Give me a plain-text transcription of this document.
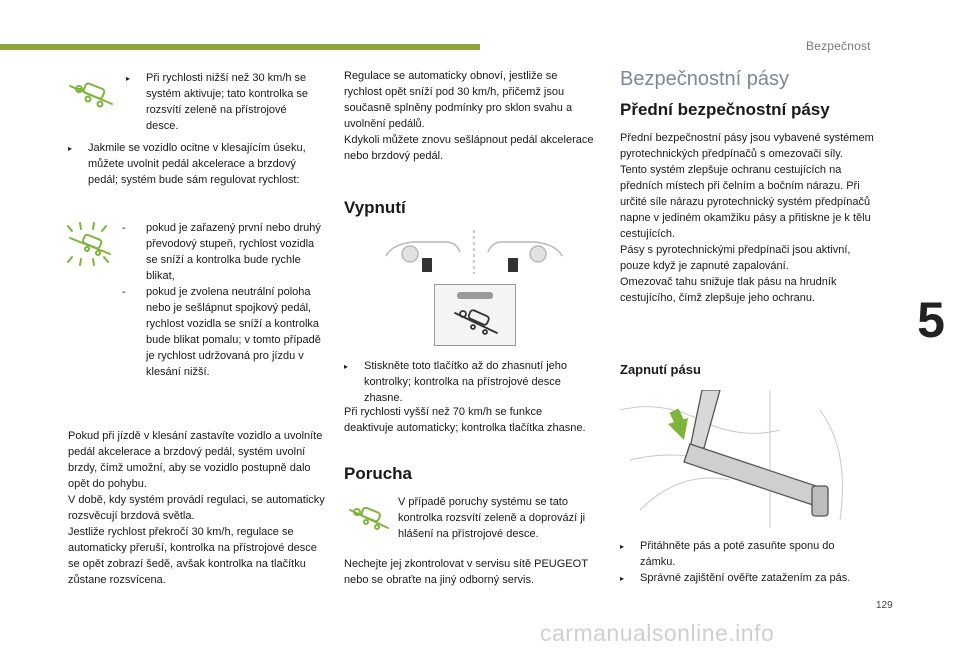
Bezpečnost
5
129
carmanualsonline.info
▸	Při rychlosti nižší než 30 km/h se systém aktivuje; tato kontrolka se rozsvítí zeleně na přístrojové desce.

▸	Jakmile se vozidlo ocitne v klesajícím úseku, můžete uvolnit pedál akcelerace a brzdový pedál; systém bude sám regulovat rychlost:

-	pokud je zařazený první nebo druhý převodový stupeň, rychlost vozidla se sníží a kontrolka bude rychle blikat,

-	pokud je zvolena neutrální poloha nebo je sešlápnut spojkový pedál, rychlost vozidla se sníží a kontrolka bude blikat pomalu; v tomto případě je rychlost udržovaná pro jízdu v klesání nižší.

Pokud při jízdě v klesání zastavíte vozidlo a uvolníte pedál akcelerace a brzdový pedál, systém uvolní brzdy, čímž umožní, aby se vozidlo postupně dalo opět do pohybu.

V době, kdy systém provádí regulaci, se automaticky rozsvěcují brzdová světla.

Jestliže rychlost překročí 30 km/h, regulace se automaticky přeruší, kontrolka na přístrojové desce se opět zobrazí šedě, avšak kontrolka na tlačítku zůstane rozsvícena.

Regulace se automaticky obnoví, jestliže se rychlost opět sníží pod 30 km/h, přičemž jsou současně splněny podmínky pro sklon svahu a uvolnění pedálů.

Kdykoli můžete znovu sešlápnout pedál akcelerace nebo brzdový pedál.

Vypnutí
▸	Stiskněte toto tlačítko až do zhasnutí jeho kontrolky; kontrolka na přístrojové desce zhasne.

Při rychlosti vyšší než 70 km/h se funkce deaktivuje automaticky; kontrolka tlačítka zhasne.

Porucha

V případě poruchy systému se tato kontrolka rozsvítí zeleně a doprovází ji hlášení na přístrojové desce.

Nechejte jej zkontrolovat v servisu sítě PEUGEOT nebo se obraťte na jiný odborný servis.

Bezpečnostní pásy
Přední bezpečnostní pásy

Přední bezpečnostní pásy jsou vybavené systémem pyrotechnických předpínačů s omezovači síly.

Tento systém zlepšuje ochranu cestujících na předních místech při čelním a bočním nárazu. Při určité síle nárazu pyrotechnický systém předpínačů napne v jediném okamžiku pásy a přitiskne je k tělu cestujících.

Pásy s pyrotechnickými předpínači jsou aktivní, pouze když je zapnuté zapalování.

Omezovač tahu snižuje tlak pásu na hrudník cestujícího, čímž zlepšuje jeho ochranu.

Zapnutí pásu
▸	Přitáhněte pás a poté zasuňte sponu do zámku.

▸	Správné zajištění ověřte zatažením za pás.
